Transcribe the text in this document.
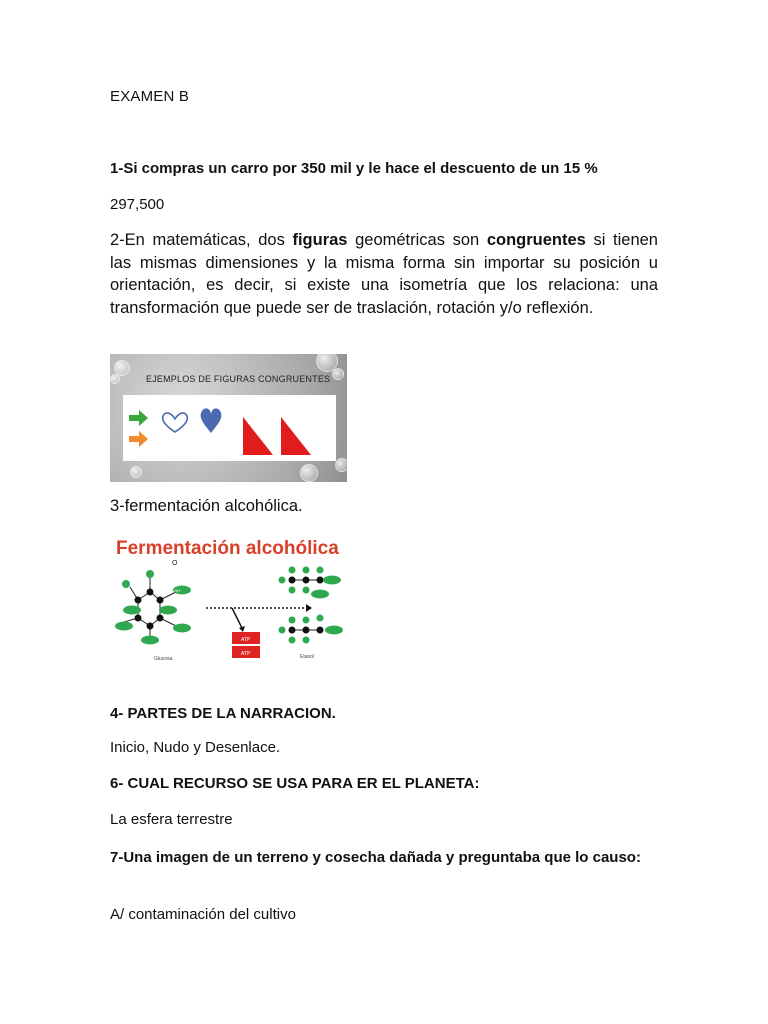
EXAMEN B
1-Si compras un carro por 350 mil y le hace el descuento de un 15 %
297,500
2-En matemáticas, dos figuras geométricas son congruentes si tienen las mismas dimensiones y la misma forma sin importar su posición u orientación, es decir, si existe una isometría que los relaciona: una transformación que puede ser de traslación, rotación y/o reflexión.
EJEMPLOS DE FIGURAS CONGRUENTES
3-fermentación alcohólica.
Fermentación alcohólica
OH
O
Glucosa
ATP
ATP	Etanol
4- PARTES DE LA NARRACION.
Inicio, Nudo y Desenlace.
6- CUAL RECURSO SE USA PARA ER EL PLANETA:
La esfera terrestre
7-Una imagen de un terreno y cosecha dañada y preguntaba que lo causo:
A/ contaminación del cultivo
